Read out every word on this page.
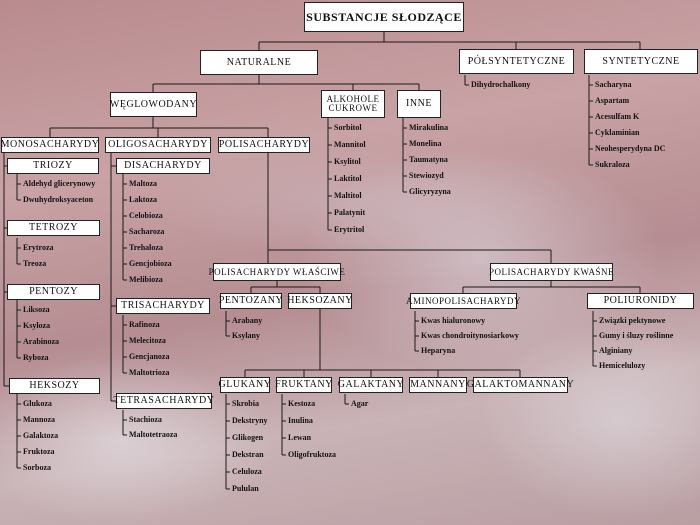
SUBSTANCJE SŁODZĄCE
NATURALNE	PÓŁSYNTETYCZNE	SYNTETYCZNE
WĘGLOWODANY	ALKOHOLE CUKROWE	INNE
MONOSACHARYDY OLIGOSACHARYDY	POLISACHARYDY
TRIOZY
TETROZY
PENTOZY
HEKSOZY
DISACHARYDY
TRISACHARYDY
TETRASACHARYDY
POLISACHARYDY WŁAŚCIWE	POLISACHARYDY KWAŚNE
PENTOZANY HEKSOZANY	AMINOPOLISACHARYDY	POLIURONIDY
GLUKANY FRUKTANY GALAKTANY MANNANY GALAKTOMANNANY
Dihydrochalkony	Sacharyna
Aspartam
Acesulfam K
Cyklaminian
Neohesperydyna DC
Sukraloza
Sorbitol
Mannitol
Ksylitol
Laktitol
Maltitol
Palatynit
Erytritol
Mirakulina
Monelina
Taumatyna
Stewiozyd
Glicyryzyna
Aldehyd glicerynowy
Dwuhydroksyaceton
Erytroza
Treoza
Liksoza
Ksyloza
Arabinoza
Ryboza
Glukoza
Mannoza
Galaktoza
Fruktoza
Sorboza
Maltoza
Laktoza
Celobioza
Sacharoza
Trehaloza
Gencjobioza
Melibioza
Rafinoza
Melecitoza
Gencjanoza
Maltotrioza
Stachioza
Maltotetraoza
Arabany
Ksylany
Skrobia
Dekstryny
Glikogen
Dekstran
Celuloza
Pululan
Kestoza
Inulina
Lewan
Oligofruktoza
Agar
Kwas hialuronowy
Kwas chondroitynosiarkowy
Heparyna
Związki pektynowe
Gumy i śluzy roślinne
Alginiany
Hemicelulozy
